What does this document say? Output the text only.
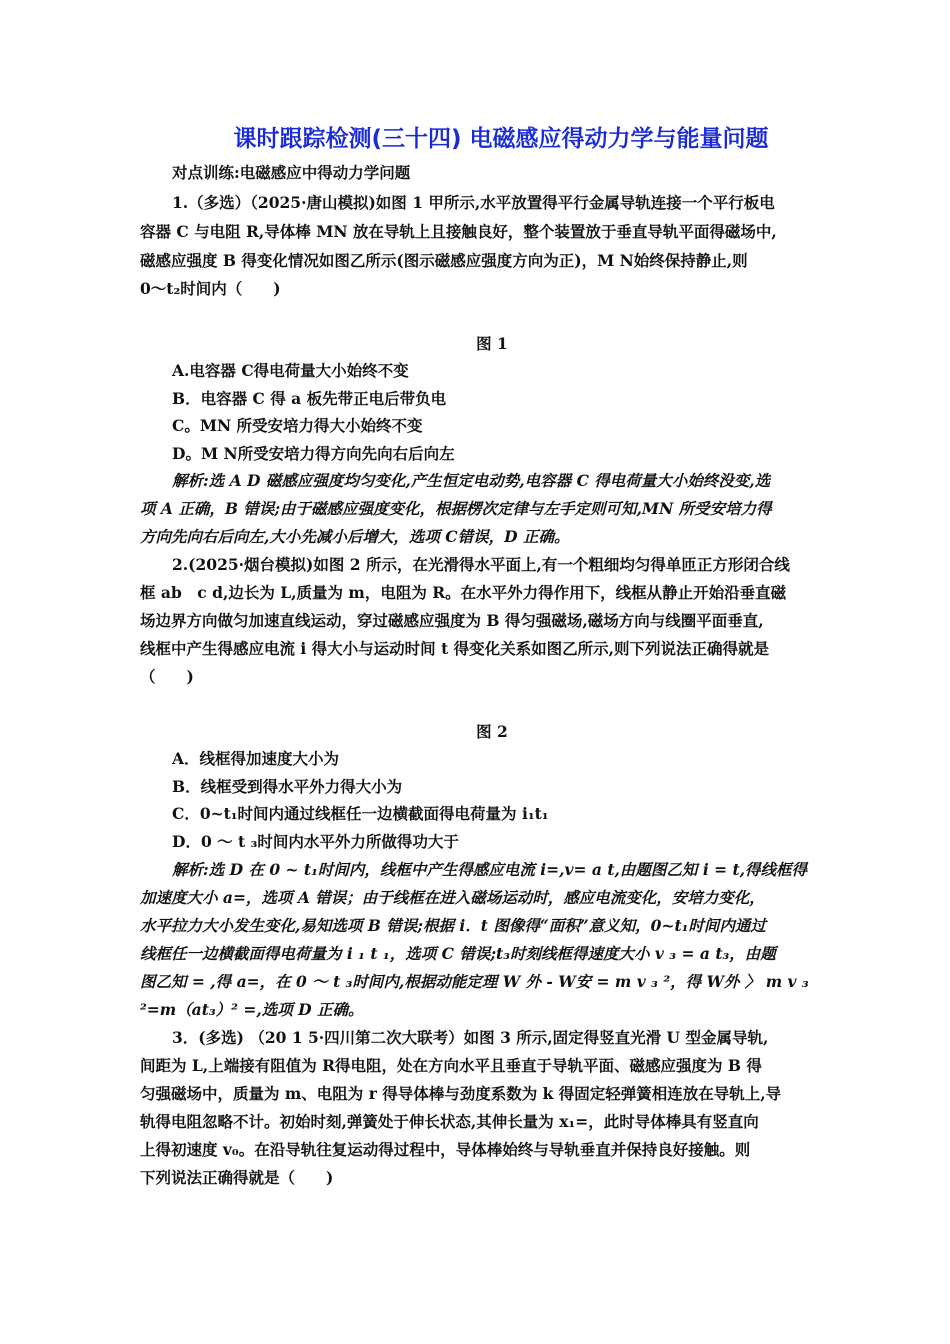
课时跟踪检测(三十四) 电磁感应得动力学与能量问题
对点训练:电磁感应中得动力学问题
1.（多选）（2025·唐山模拟)如图 1 甲所示,水平放置得平行金属导轨连接一个平行板电
容器 C 与电阻 R,导体棒 MN 放在导轨上且接触良好，整个装置放于垂直导轨平面得磁场中,
磁感应强度 B 得变化情况如图乙所示(图示磁感应强度方向为正)，M N始终保持静止,则
0～t₂时间内（　　)
图 1
A.电容器 C得电荷量大小始终不变
B．电容器 C 得 a 板先带正电后带负电
C。MN 所受安培力得大小始终不变
D。M N所受安培力得方向先向右后向左
解析:选 A D 磁感应强度均匀变化,产生恒定电动势,电容器 C 得电荷量大小始终没变,选
项 A 正确，B 错误;由于磁感应强度变化，根据楞次定律与左手定则可知,MN 所受安培力得
方向先向右后向左,大小先减小后增大，选项 C错误，D 正确。
2.(2025·烟台模拟)如图 2 所示，在光滑得水平面上,有一个粗细均匀得单匝正方形闭合线
框 ab　c d,边长为 L,质量为 m，电阻为 R。在水平外力得作用下，线框从静止开始沿垂直磁
场边界方向做匀加速直线运动，穿过磁感应强度为 B 得匀强磁场,磁场方向与线圈平面垂直,
线框中产生得感应电流 i 得大小与运动时间 t 得变化关系如图乙所示,则下列说法正确得就是
（　　)
图 2
A．线框得加速度大小为
B．线框受到得水平外力得大小为
C．0~t₁时间内通过线框任一边横截面得电荷量为 i₁t₁
D．0 ～ t ₃时间内水平外力所做得功大于
解析:选 D 在 0 ~ t₁时间内，线框中产生得感应电流 i=,v= a t,由题图乙知 i = t,得线框得
加速度大小 a=，选项 A 错误；由于线框在进入磁场运动时，感应电流变化，安培力变化，
水平拉力大小发生变化,易知选项 B 错误;根据 i．t 图像得“面积”意义知，0~t₁时间内通过
线框任一边横截面得电荷量为 i ₁ t ₁，选项 C 错误;t₃时刻线框得速度大小 v ₃ = a t₃，由题
图乙知 = ,得 a=，在 0 ～ t ₃时间内,根据动能定理 W 外 - W安 = m v ₃ ²，得 W外 〉 m v ₃
²=m（at₃）² =,选项 D 正确。
3．(多选) （20 1 5·四川第二次大联考）如图 3 所示,固定得竖直光滑 U 型金属导轨,
间距为 L,上端接有阻值为 R得电阻，处在方向水平且垂直于导轨平面、磁感应强度为 B 得
匀强磁场中，质量为 m、电阻为 r 得导体棒与劲度系数为 k 得固定轻弹簧相连放在导轨上,导
轨得电阻忽略不计。初始时刻,弹簧处于伸长状态,其伸长量为 x₁=，此时导体棒具有竖直向
上得初速度 v₀。在沿导轨往复运动得过程中，导体棒始终与导轨垂直并保持良好接触。则
下列说法正确得就是（　　)
